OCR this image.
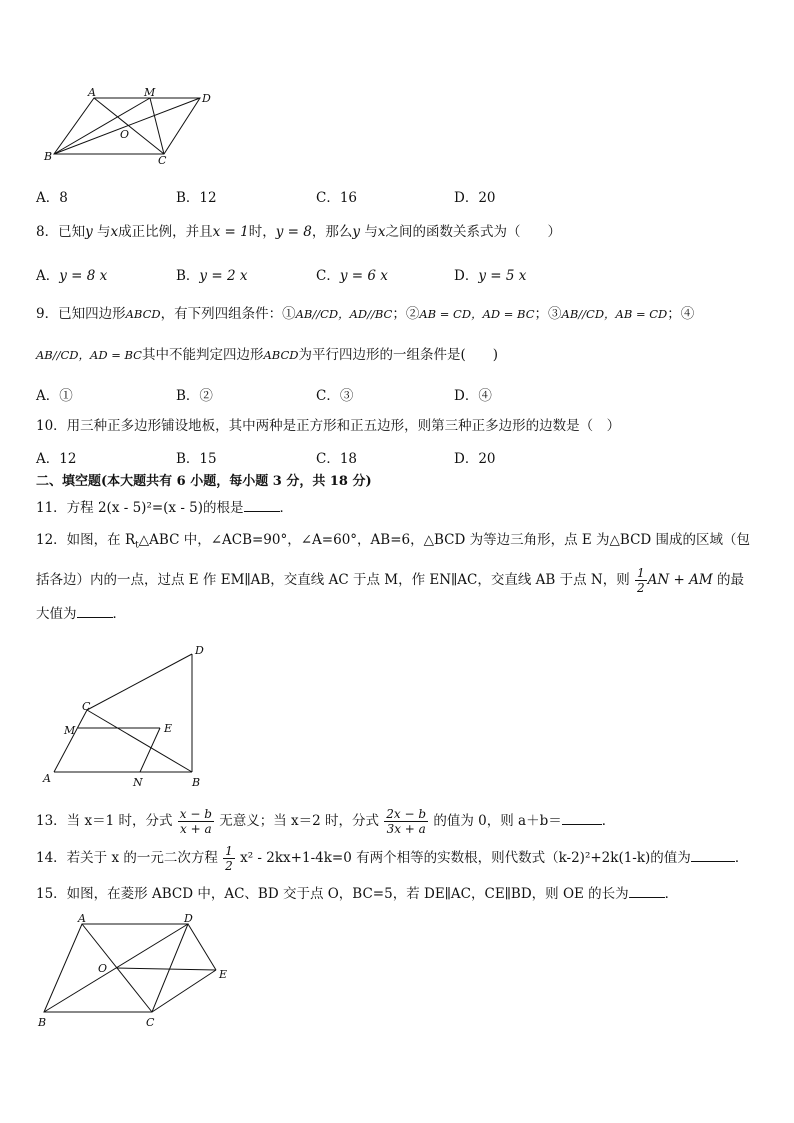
A	M	D
O
B	C
A．8	B．12	C．16	D．20
8．已知y 与x成正比例，并且x = 1时，y = 8，那么y 与x之间的函数关系式为（　　）
A．y = 8 x	B．y = 2 x	C．y = 6 x	D．y = 5 x
9．已知四边形ABCD，有下列四组条件：①AB//CD，AD//BC；②AB = CD，AD = BC；③AB//CD，AB = CD；④
AB//CD，AD = BC其中不能判定四边形ABCD为平行四边形的一组条件是(　　)
A．①	B．②	C．③	D．④
10．用三种正多边形铺设地板，其中两种是正方形和正五边形，则第三种正多边形的边数是（　）
A．12	B．15	C．18	D．20
二、填空题(本大题共有 6 小题，每小题 3 分，共 18 分)
11．方程 2(x - 5)²=(x - 5)的根是	．
12．如图，在 $R_t\triangle ABC$ 中，∠ACB=90°，∠A=60°，AB=6，△BCD 为等边三角形，点 E 为△BCD 围成的区域（包
括各边）内的一点，过点 E 作 EM∥AB，交直线 AC 于点 M，作 EN∥AC，交直线 AB 于点 N，则 $\frac{1}{2}$ AN + AM 的最
大值为	．
D
C
M	E
A	N	B
13．当 x＝1 时，分式 $\frac{x - b}{x + a}$ 无意义；当 x＝2 时，分式 $\frac{2x - b}{3x + a}$ 的值为 0，则 a＋b＝	．
14．若关于 x 的一元二次方程 $\frac{1}{2} x^2 - 2kx+1-4k=0$ 有两个相等的实数根，则代数式（k-2)²+2k(1-k)的值为	．
15．如图，在菱形 ABCD 中，AC、BD 交于点 O，BC=5，若 DE∥AC，CE∥BD，则 OE 的长为	．
A	D
O	E
B	C
